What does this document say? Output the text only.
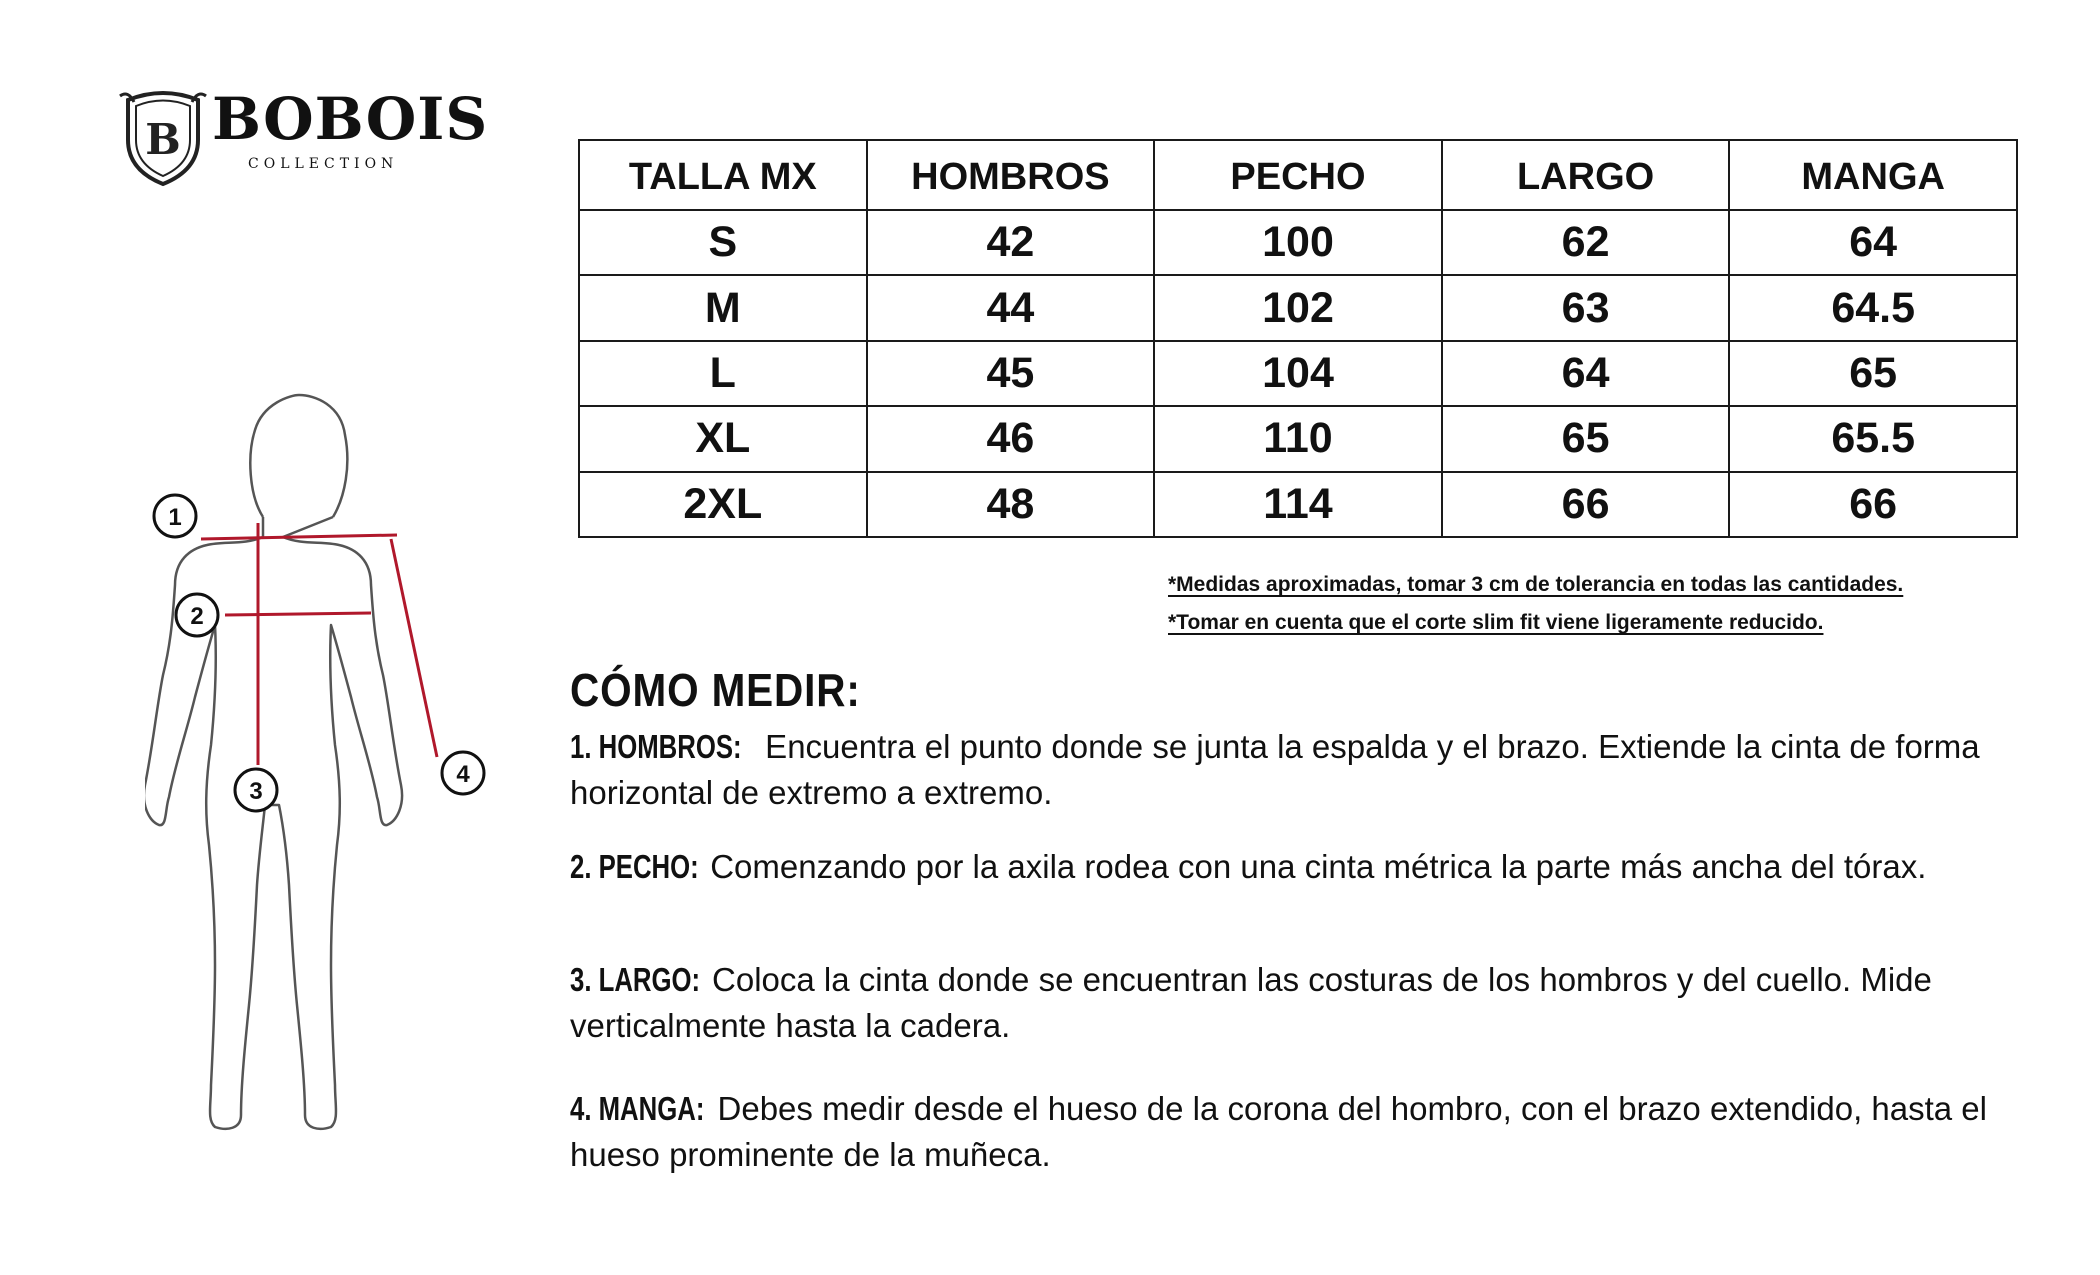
B BOBOIS
COLLECTION	TALLA MX	HOMBROS	PECHO	LARGO	MANGA
S	42	100	62	64
M	44	102	63	64.5
L	45	104	64	65
XL	46	110	65	65.5
2XL	48	114	66	66
*Medidas aproximadas, tomar 3 cm de tolerancia en todas las cantidades.
*Tomar en cuenta que el corte slim fit viene ligeramente reducido.
CÓMO MEDIR:
1. HOMBROS: Encuentra el punto donde se junta la espalda y el brazo. Extiende la cinta de forma horizontal de extremo a extremo.
2. PECHO: Comenzando por la axila rodea con una cinta métrica la parte más ancha del tórax.
3. LARGO: Coloca la cinta donde se encuentran las costuras de los hombros y del cuello. Mide verticalmente hasta la cadera.
4. MANGA: Debes medir desde el hueso de la corona del hombro, con el brazo extendido, hasta el hueso prominente de la muñeca.
1
2
3
4
